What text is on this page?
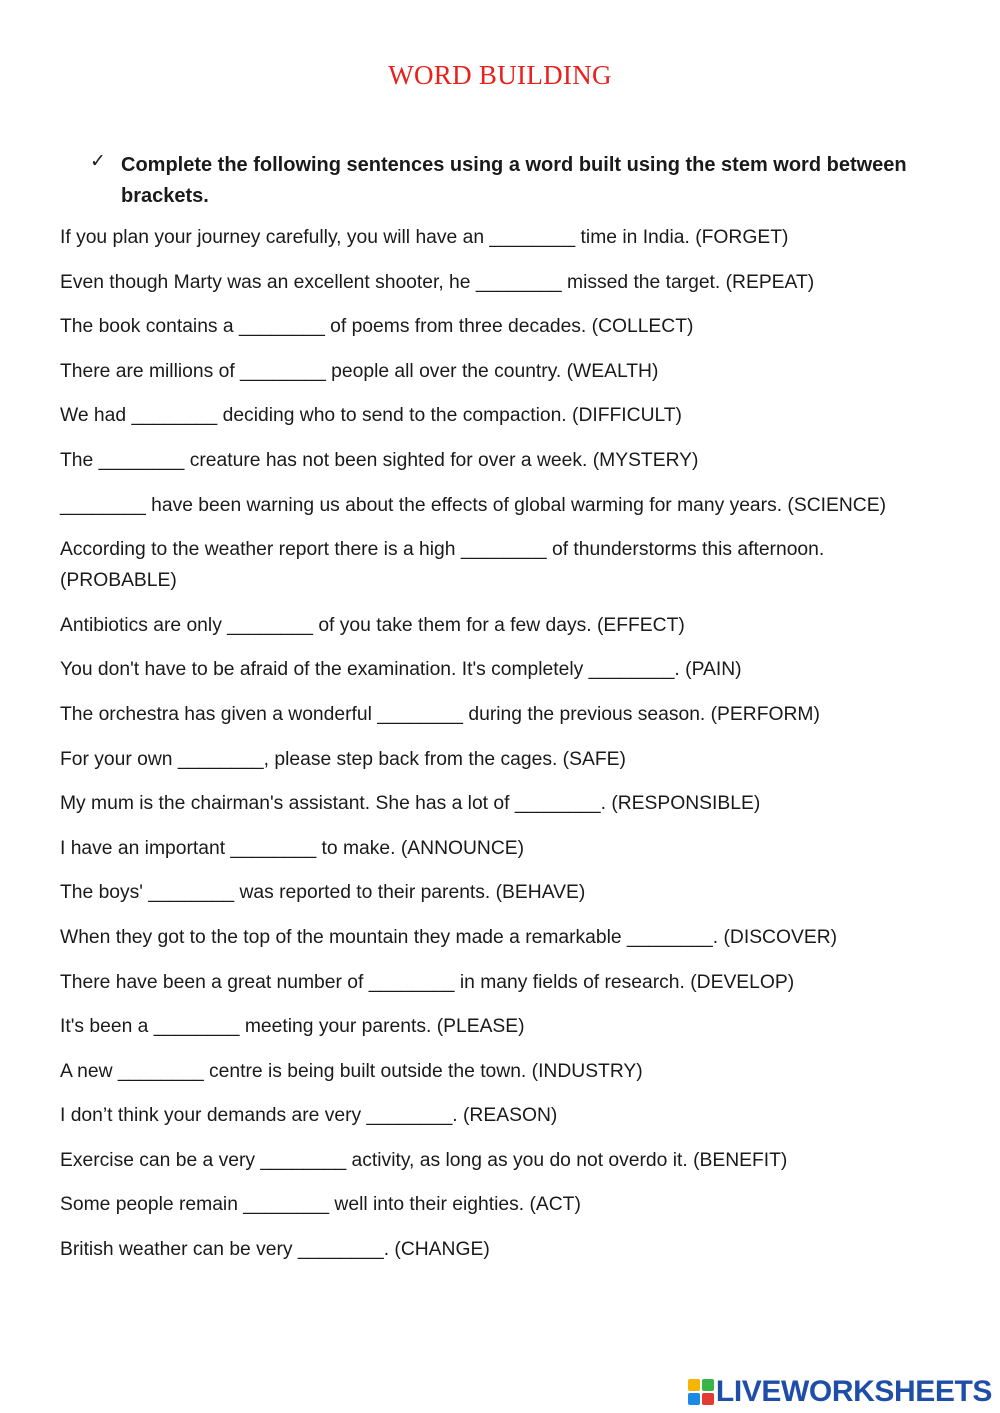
WORD BUILDING
✓ Complete the following sentences using a word built using the stem word between brackets.
If you plan your journey carefully, you will have an ________ time in India. (FORGET)
Even though Marty was an excellent shooter, he ________ missed the target. (REPEAT)
The book contains a ________ of poems from three decades. (COLLECT)
There are millions of ________ people all over the country. (WEALTH)
We had ________ deciding who to send to the compaction. (DIFFICULT)
The ________ creature has not been sighted for over a week. (MYSTERY)
________ have been warning us about the effects of global warming for many years. (SCIENCE)
According to the weather report there is a high ________ of thunderstorms this afternoon. (PROBABLE)
Antibiotics are only ________ of you take them for a few days. (EFFECT)
You don't have to be afraid of the examination. It's completely ________. (PAIN)
The orchestra has given a wonderful ________ during the previous season. (PERFORM)
For your own ________, please step back from the cages. (SAFE)
My mum is the chairman's assistant. She has a lot of ________. (RESPONSIBLE)
I have an important ________ to make. (ANNOUNCE)
The boys' ________ was reported to their parents. (BEHAVE)
When they got to the top of the mountain they made a remarkable ________. (DISCOVER)
There have been a great number of ________ in many fields of research. (DEVELOP)
It's been a ________ meeting your parents. (PLEASE)
A new ________ centre is being built outside the town. (INDUSTRY)
I don’t think your demands are very ________. (REASON)
Exercise can be a very ________ activity, as long as you do not overdo it. (BENEFIT)
Some people remain ________ well into their eighties. (ACT)
British weather can be very ________. (CHANGE)
LIVEWORKSHEETS
